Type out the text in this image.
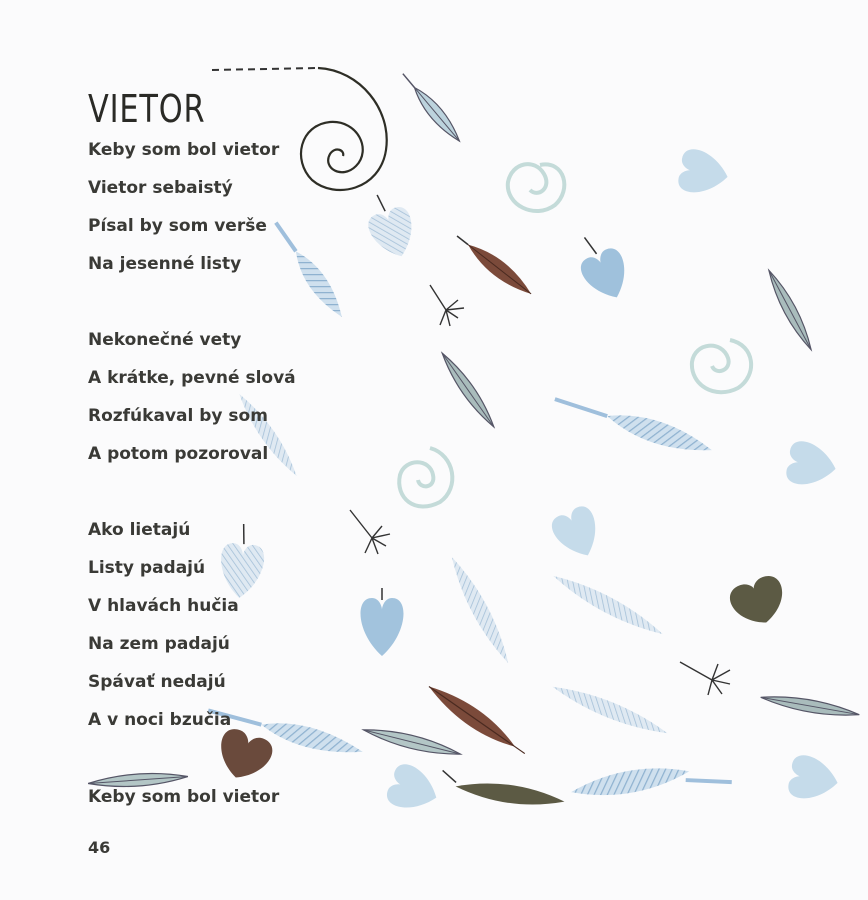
VIETOR
Keby som bol vietor
Vietor sebaistý
Písal by som verše
Na jesenné listy
Nekonečné vety
A krátke, pevné slová
Rozfúkaval by som
A potom pozoroval
Ako lietajú
Listy padajú
V hlavách hučia
Na zem padajú
Spávať nedajú
A v noci bzučia
Keby som bol vietor
46
